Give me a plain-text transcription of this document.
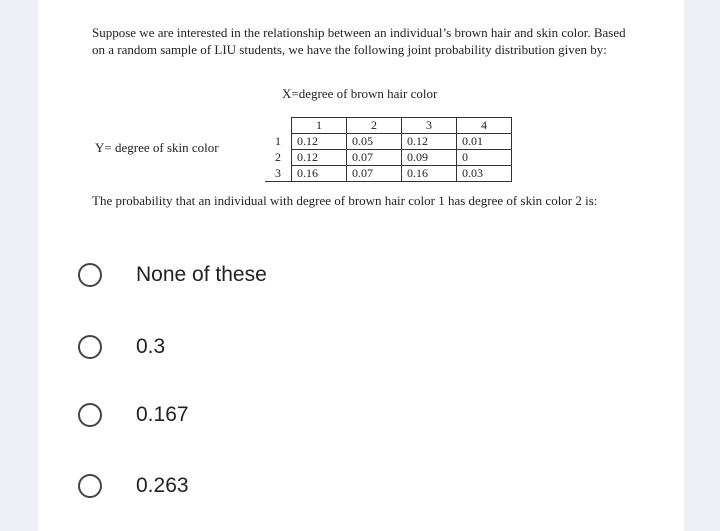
Suppose we are interested in the relationship between an individual’s brown hair and skin color. Based on a random sample of LIU students, we have the following joint probability distribution given by:
X=degree of brown hair color
Y= degree of skin color
	1	2	3	4
1	0.12	0.05	0.12	0.01
2	0.12	0.07	0.09	0
3	0.16	0.07	0.16	0.03
The probability that an individual with degree of brown hair color 1 has degree of skin color 2 is:
None of these
0.3
0.167
0.263
